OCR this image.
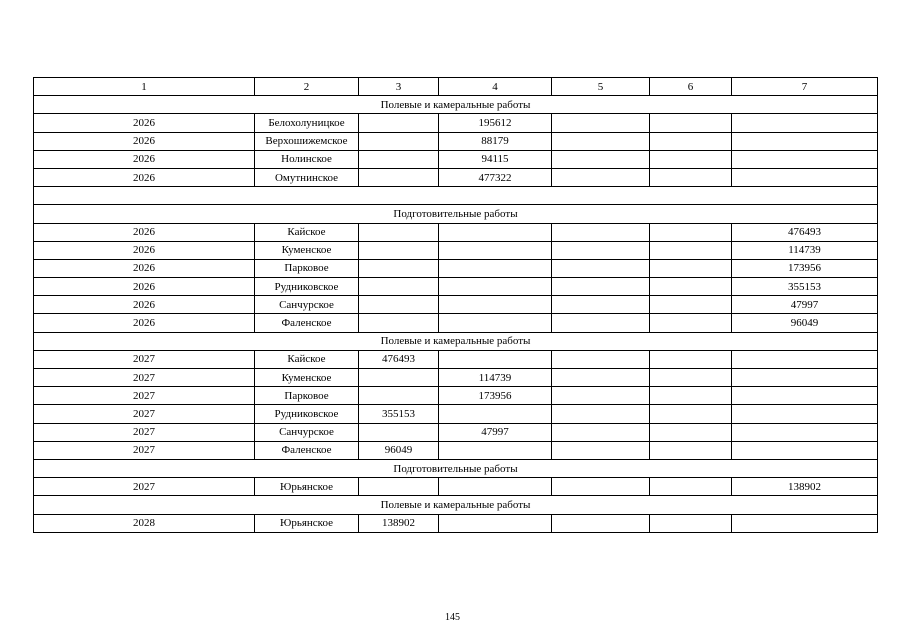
1	2	3	4	5	6	7
Полевые и камеральные работы						
2026	Белохолуницкое		195612			
2026	Верхошижемское		88179			
2026	Нолинское		94115			
2026	Омутнинское		477322			

Подготовительные работы						
2026	Кайское					476493
2026	Куменское					114739
2026	Парковое					173956
2026	Рудниковское					355153
2026	Санчурское					47997
2026	Фаленское					96049
Полевые и камеральные работы						
2027	Кайское	476493				
2027	Куменское		114739			
2027	Парковое		173956			
2027	Рудниковское	355153				
2027	Санчурское		47997			
2027	Фаленское	96049				
Подготовительные работы						
2027	Юрьянское					138902
Полевые и камеральные работы						
2028	Юрьянское	138902				
145
